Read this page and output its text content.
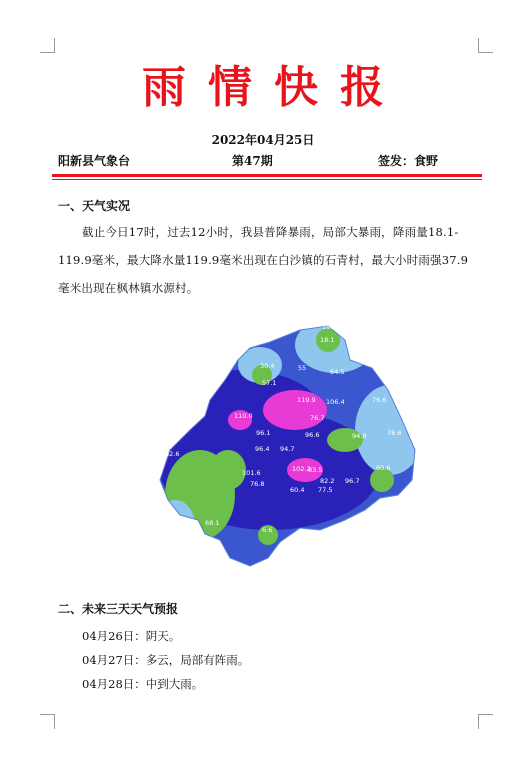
雨情快报
2022年04月25日
阳新县气象台	第47期	签发：食野
一、天气实况
截止今日17时，过去12小时，我县普降暴雨，局部大暴雨，降雨量18.1-119.9毫米，最大降水量119.9毫米出现在白沙镇的石青村，最大小时雨强37.9毫米出现在枫林镇水源村。
19.5
18.1
30.4	55	64.5
57.1
119.9 106.4	76.6
110.0	76.7
96.1	96.6	94.9	78.6
94
82.6
96.4 94.7
101.6
76.8
102.2
83.5
82.2 96.7
60.6
60.4 77.5
68.1
6.6
二、未来三天天气预报
04月26日：阴天。
04月27日：多云，局部有阵雨。
04月28日：中到大雨。
